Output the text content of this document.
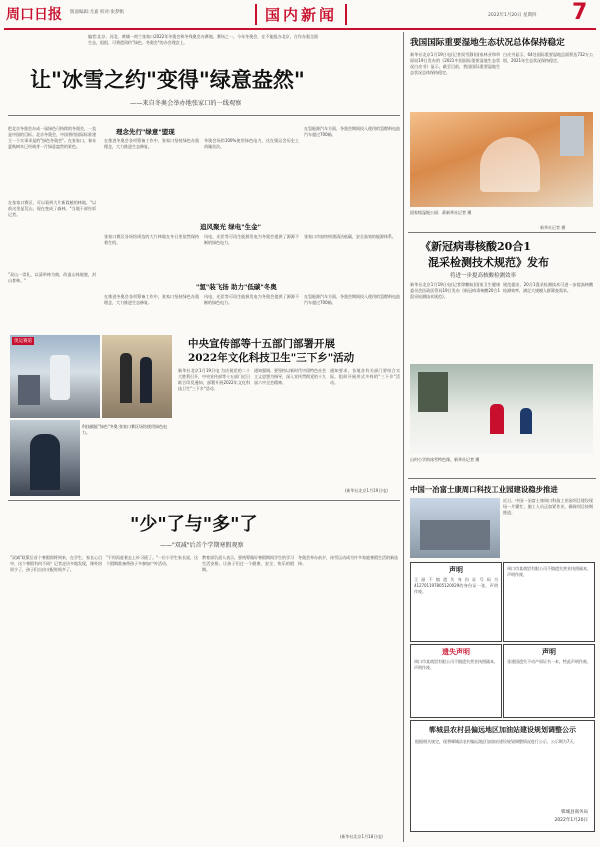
周口日报 版面编辑:尤嘉 校对:张梦帆	国内新闻	2022年1月20日 星期四 7
编者:北京、河北、黄城一荷兰张家口2022年冬奥会和冬残奥会办赛地、赛场之一。今年冬奥会，在不能组办北京，合作办奥全面生态，组组、可将遗留约"绿色、冬奥会"的办会理念上。
让"冰雪之约"变得"绿意盎然"
——来自冬奥会举办地张家口的一线观察
把北京冬奥会办成一届绿色可持续的冬奥会，一直是中国的目标。北京冬奥会，中国将用国际标准建立一个实事求是的"绿色冬奥会"。在张家口，春末夏秋树木已经萌芽一片绿意盎然的景色。
在张家口赛区，可以看到大片新栽植的林地。"以前这里是荒山，现在变成了森林。"当地干部告诉记者。
"双山一崇礼，以清举林为典，改造山体地貌，封山育林。"
理念先行"绿意"盟现
在推进冬奥会各项筹备工作中，张家口坚持绿色办奥理念，大力推进生态修复。
冬奥会场馆100%使用绿色电力，这在奥运会历史上尚属首次。
在氢能源汽车方面，冬奥会期间投入使用的氢燃料电池汽车超过700辆。
追风聚光 绿电"生金"
张家口赛区各场馆周边的大片林地在冬日里依然保持着生机。
风电、光伏等可再生能源发电为冬奥会提供了源源不断的绿色电力。
张家口市加快构建清洁低碳、安全高效的能源体系。
"氢"装飞扬 助力"低碳"冬奥
在推进冬奥会各项筹备工作中，张家口坚持绿色办奥理念，大力推进生态修复。
风电、光伏等可再生能源发电为冬奥会提供了源源不断的绿色电力。
在氢能源汽车方面，冬奥会期间投入使用的氢燃料电池汽车超过700辆。
奥运赛道
科技赋能"绿色"冬奥:张家口赛区场馆使用绿色电力。
中央宣传部等十五部门部署开展
2022年文化科技卫生"三下乡"活动
新华社北京1月19日电 为庆祝党的二十大胜利召开，中央宣传部等十五部门近日联合印发通知，部署开展2022年文化科技卫生"三下乡"活动。
通知强调，要坚持以新时代中国特色社会主义思想为指导，深入宣传贯彻党的十九届六中全会精神。
通知要求，各地各有关部门要结合实际，组织开展形式多样的"三下乡"活动。
(新华社北京1月19日电)
"少"了与"多"了
——"双减"后首个学期寒假观察
"双减"政策后首个寒假即将到来，在学生、家长心目中，这个寒假有何不同？记者走访多地发现，课外培训少了，孩子们自由支配时间多了。
"不用再赶着去上补习班了。"一位小学生家长说，这个假期准备带孩子多参加户外活动。
教育部负责人表示，要统筹做好寒假期间学生的学习生活安排，让孩子们过一个健康、安全、快乐的假期。
冬奥会举办前夕，冰雪运动成为许多家庭寒假生活的新选择。
(新华社北京1月18日电)
我国国际重要湿地生态状况总体保持稳定
新华社北京1月19日电(记者侯雪静)国家林业和草原局19日发布的《2021中国国际重要湿地生态状况白皮书》显示，截至目前，我国国际重要湿地生态状况总体保持稳定。
白皮书显示，64处国际重要湿地总面积达732万公顷，2021年生态状况保持稳定。
国家级湿地公园：蒋新华社记者 摄
新华社记者 摄
《新冠病毒核酸20合1
混采检测技术规范》发布
将进一步提高核酸检测效率
新华社北京1月19日电(记者徐鹏航)国家卫生健康委员会医政医管局19日发布《新冠病毒核酸20合1混采检测技术规范》。
规范提出，20合1混采检测技术可进一步提高核酸检测效率，满足大规模人群筛查需求。
山村小学的冰雪特色课。新华社记者 摄
中国一冶富士康周口科技工业园建设稳步推进
近日，中国一冶富士康周口科技工业园项目建设现场一片繁忙，施工人员正加紧作业，确保项目按期推进。
声明
王丽不慎遗失身份证号码为412701197805120029的身份证一张，声明作废。
周口市某商贸有限公司不慎遗失营业执照副本，声明作废。
遗失声明
周口市某商贸有限公司不慎遗失营业执照副本，声明作废。
声明
张建国遗失不动产权证书一本，特此声明作废。
郸城县农村县偏远地区加油站建设规划调整公示
根据相关规定，现将郸城县农村偏远地区加油站建设规划调整情况进行公示，公示期为7天。
郸城县商务局
2022年1月20日
